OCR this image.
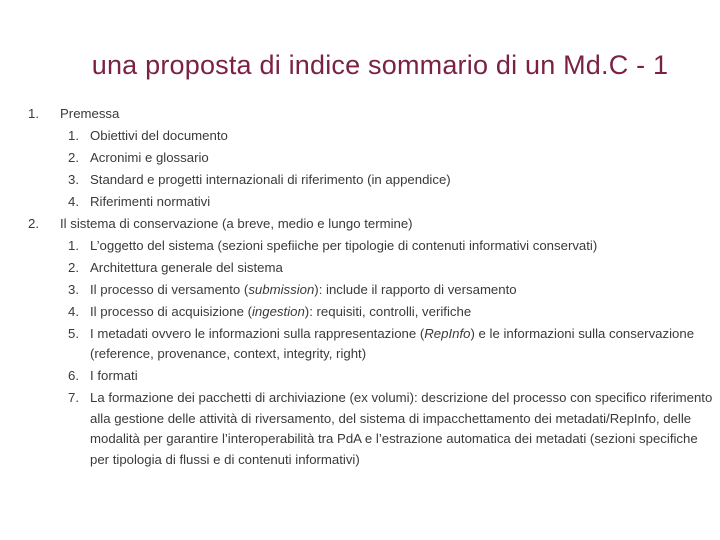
una proposta di indice sommario di un Md.C - 1
1.	Premessa
1. Obiettivi del documento
2. Acronimi e glossario
3. Standard e progetti internazionali di riferimento (in appendice)
4. Riferimenti normativi
2.	Il sistema di conservazione (a breve, medio e lungo termine)
1. L’oggetto del sistema (sezioni spefiiche per tipologie di contenuti informativi conservati)
2. Architettura generale del sistema
3. Il processo di versamento (submission): include il rapporto di versamento
4. Il processo di acquisizione (ingestion): requisiti, controlli, verifiche
5. I metadati ovvero le informazioni sulla rappresentazione (RepInfo) e le informazioni sulla conservazione (reference, provenance, context, integrity, right)
6. I formati
7. La formazione dei pacchetti di archiviazione (ex volumi): descrizione del processo con specifico riferimento alla gestione delle attività di riversamento, del sistema di impacchettamento dei metadati/RepInfo, delle modalità per garantire l’interoperabilità tra PdA e l’estrazione automatica dei metadati (sezioni specifiche per tipologia di flussi e di contenuti informativi)
